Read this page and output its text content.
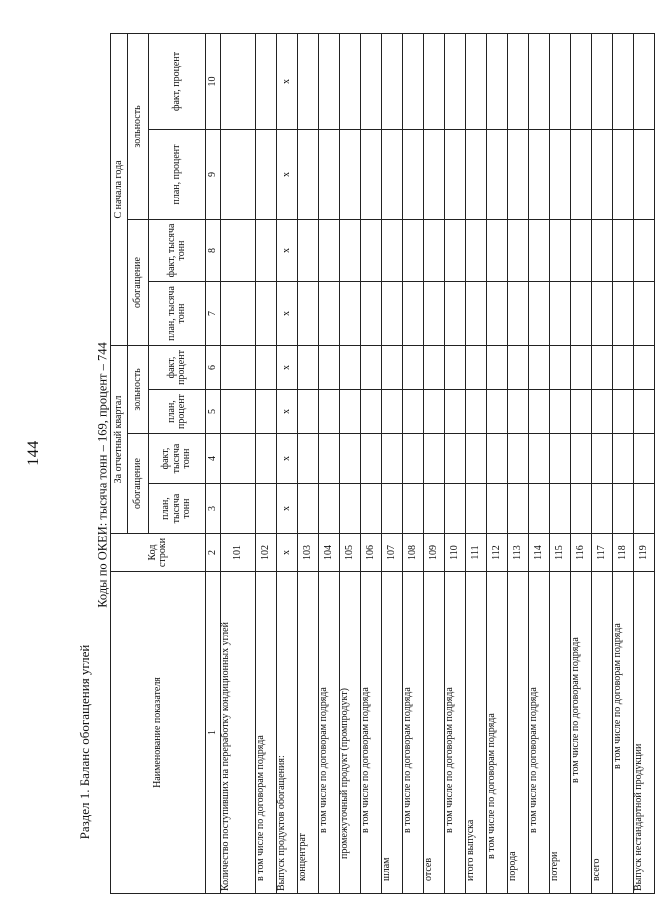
144
Раздел 1. Баланс обогащения углей
Коды по ОКЕИ: тысяча тонн – 169, процент – 744
Наименование показателя	Код строки	За отчетный квартал				С начала года			
		обогащение		зольность		обогащение		зольность	
		план, тысяча тонн	факт, тысяча тонн	план, процент	факт, процент	план, тысяча тонн	факт, тысяча тонн	план, процент	факт, процент
1	2	3	4	5	6	7	8	9	10
Количество поступивших на переработку кондиционных углей	101								
в том числе по договорам подряда	102								
Выпуск продуктов обогащения:	х	х	х	х	х	х	х	х	х
концентрат	103								
в том числе по договорам подряда	104								
промежуточный продукт (промпродукт)	105								
в том числе по договорам подряда	106								
шлам	107								
в том числе по договорам подряда	108								
отсев	109								
в том числе по договорам подряда	110								
итого выпуска	111								
в том числе по договорам подряда	112								
порода	113								
в том числе по договорам подряда	114								
потери	115								
в том числе по договорам подряда	116								
всего	117								
в том числе по договорам подряда	118								
Выпуск нестандартной продукции	119								
